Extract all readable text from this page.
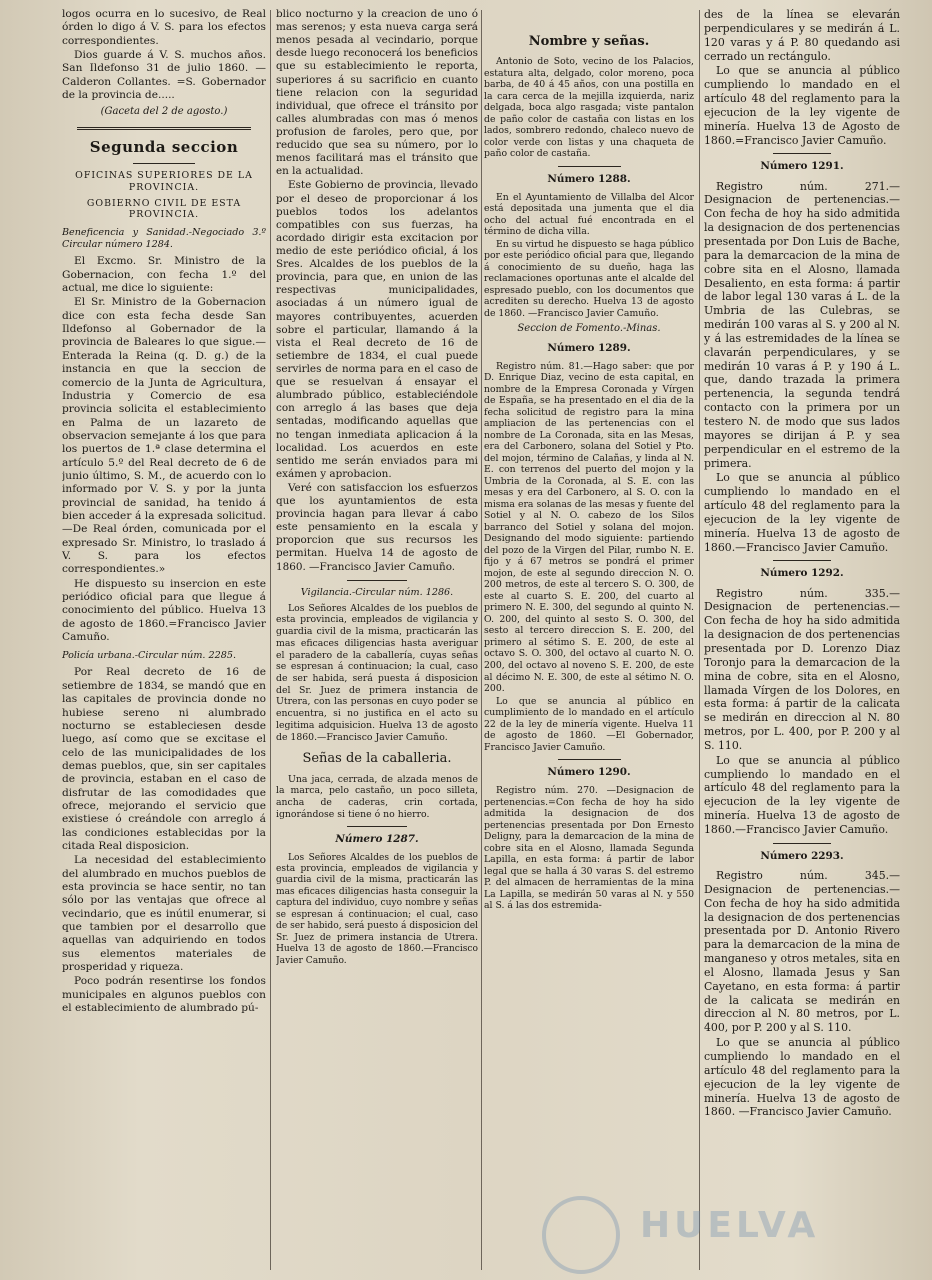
logos ocurra en lo sucesivo, de Real órden lo digo á V. S. para los efectos correspondientes.

Dios guarde á V. S. muchos años. San Ildefonso 31 de julio 1860. —Calderon Collantes. =S. Gobernador de la provincia de.....

(Gaceta del 2 de agosto.)

Segunda seccion

OFICINAS SUPERIORES DE LA PROVINCIA.

GOBIERNO CIVIL DE ESTA PROVINCIA.

Beneficencia y Sanidad.-Negociado 3.º Circular número 1284.

El Excmo. Sr. Ministro de la Gobernacion, con fecha 1.º del actual, me dice lo siguiente:

El Sr. Ministro de la Gobernacion dice con esta fecha desde San Ildefonso al Gobernador de la provincia de Baleares lo que sigue.—Enterada la Reina (q. D. g.) de la instancia en que la seccion de comercio de la Junta de Agricultura, Industria y Comercio de esa provincia solicita el establecimiento en Palma de un lazareto de observacion semejante á los que para los puertos de 1.ª clase determina el artículo 5.º del Real decreto de 6 de junio último, S. M., de acuerdo con lo informado por V. S. y por la junta provincial de sanidad, ha tenido á bien acceder á la expresada solicitud.—De Real órden, comunicada por el expresado Sr. Ministro, lo traslado á V. S. para los efectos correspondientes.»

He dispuesto su insercion en este periódico oficial para que llegue á conocimiento del público. Huelva 13 de agosto de 1860.=Francisco Javier Camuño.

Policía urbana.-Circular núm. 2285.

Por Real decreto de 16 de setiembre de 1834, se mandó que en las capitales de provincia donde no hubiese sereno ni alumbrado nocturno se estableciesen desde luego, así como que se excitase el celo de las municipalidades de los demas pueblos, que, sin ser capitales de provincia, estaban en el caso de disfrutar de las comodidades que ofrece, mejorando el servicio que existiese ó creándole con arreglo á las condiciones establecidas por la citada Real disposicion.

La necesidad del establecimiento del alumbrado en muchos pueblos de esta provincia se hace sentir, no tan sólo por las ventajas que ofrece al vecindario, que es inútil enumerar, si que tambien por el desarrollo que aquellas van adquiriendo en todos sus elementos materiales de prosperidad y riqueza.

Poco podrán resentirse los fondos municipales en algunos pueblos con el establecimiento de alumbrado pú-

blico nocturno y la creacion de uno ó mas serenos; y esta nueva carga será menos pesada al vecindario, porque desde luego reconocerá los beneficios que su establecimiento le reporta, superiores á su sacrificio en cuanto tiene relacion con la seguridad individual, que ofrece el tránsito por calles alumbradas con mas ó menos profusion de faroles, pero que, por reducido que sea su número, por lo menos facilitará mas el tránsito que en la actualidad.

Este Gobierno de provincia, llevado por el deseo de proporcionar á los pueblos todos los adelantos compatibles con sus fuerzas, ha acordado dirigir esta excitacion por medio de este periódico oficial, á los Sres. Alcaldes de los pueblos de la provincia, para que, en union de las respectivas municipalidades, asociadas á un número igual de mayores contribuyentes, acuerden sobre el particular, llamando á la vista el Real decreto de 16 de setiembre de 1834, el cual puede servirles de norma para en el caso de que se resuelvan á ensayar el alumbrado público, estableciéndole con arreglo á las bases que deja sentadas, modificando aquellas que no tengan inmediata aplicacion á la localidad. Los acuerdos en este sentido me serán enviados para mi exámen y aprobacion.

Veré con satisfaccion los esfuerzos que los ayuntamientos de esta provincia hagan para llevar á cabo este pensamiento en la escala y proporcion que sus recursos les permitan. Huelva 14 de agosto de 1860. —Francisco Javier Camuño.

Vigilancia.-Circular núm. 1286.

Los Señores Alcaldes de los pueblos de esta provincia, empleados de vigilancia y guardia civil de la misma, practicarán las mas eficaces diligencias hasta averiguar el paradero de la caballería, cuyas señas se espresan á continuacion; la cual, caso de ser habida, será puesta á disposicion del Sr. Juez de primera instancia de Utrera, con las personas en cuyo poder se encuentra, si no justifica en el acto su legitima adquisicion. Huelva 13 de agosto de 1860.—Francisco Javier Camuño.

Señas de la caballeria.

Una jaca, cerrada, de alzada menos de la marca, pelo castaño, un poco silleta, ancha de caderas, crin cortada, ignorándose si tiene ó no hierro.

Número 1287.

Los Señores Alcaldes de los pueblos de esta provincia, empleados de vigilancia y guardia civil de la misma, practicarán las mas eficaces diligencias hasta conseguir la captura del individuo, cuyo nombre y señas se espresan á continuacion; el cual, caso de ser habido, será puesto á disposicion del Sr. Juez de primera instancia de Utrera. Huelva 13 de agosto de 1860.—Francisco Javier Camuño.

Nombre y señas.

Antonio de Soto, vecino de los Palacios, estatura alta, delgado, color moreno, poca barba, de 40 á 45 años, con una postilla en la cara cerca de la mejilla izquierda, nariz delgada, boca algo rasgada; viste pantalon de paño color de castaña con listas en los lados, sombrero redondo, chaleco nuevo de color verde con listas y una chaqueta de paño color de castaña.

Número 1288.

En el Ayuntamiento de Villalba del Alcor está depositada una jumenta que el dia ocho del actual fué encontrada en el término de dicha villa.

En su virtud he dispuesto se haga público por este periódico oficial para que, llegando á conocimiento de su dueño, haga las reclamaciones oportunas ante el alcalde del espresado pueblo, con los documentos que acrediten su derecho. Huelva 13 de agosto de 1860. —Francisco Javier Camuño.

Seccion de Fomento.-Minas.

Número 1289.

Registro núm. 81.—Hago saber: que por D. Enrique Diaz, vecino de esta capital, en nombre de la Empresa Coronada y Vírgen de España, se ha presentado en el dia de la fecha solicitud de registro para la mina ampliacion de las pertenencias con el nombre de La Coronada, sita en las Mesas, era del Carbonero, solana del Sotiel y Pto. del mojon, término de Calañas, y linda al N. E. con terrenos del puerto del mojon y la Umbria de la Coronada, al S. E. con las mesas y era del Carbonero, al S. O. con la misma era solanas de las mesas y fuente del Sotiel y al N. O. cabezo de los Silos barranco del Sotiel y solana del mojon. Designando del modo siguiente: partiendo del pozo de la Virgen del Pilar, rumbo N. E. fijo y á 67 metros se pondrá el primer mojon, de este al segundo direccion N. O. 200 metros, de este al tercero S. O. 300, de este al cuarto S. E. 200, del cuarto al primero N. E. 300, del segundo al quinto N. O. 200, del quinto al sesto S. O. 300, del sesto al tercero direccion S. E. 200, del primero al sétimo S. E. 200, de este al octavo S. O. 300, del octavo al cuarto N. O. 200, del octavo al noveno S. E. 200, de este al décimo N. E. 300, de este al sétimo N. O. 200.

Lo que se anuncia al público en cumplimiento de lo mandado en el artículo 22 de la ley de minería vigente. Huelva 11 de agosto de 1860. —El Gobernador, Francisco Javier Camuño.

Número 1290.

Registro núm. 270. —Designacion de pertenencias.=Con fecha de hoy ha sido admitida la designacion de dos pertenencias presentada por Don Ernesto Deligny, para la demarcacion de la mina de cobre sita en el Alosno, llamada Segunda Lapilla, en esta forma: á partir de labor legal que se halla á 30 varas S. del estremo P. del almacen de herramientas de la mina La Lapilla, se medirán 50 varas al N. y 550 al S. á las dos estremida-

des de la línea se elevarán perpendiculares y se medirán á L. 120 varas y á P. 80 quedando asi cerrado un rectángulo.

Lo que se anuncia al público cumpliendo lo mandado en el artículo 48 del reglamento para la ejecucion de la ley vigente de minería. Huelva 13 de Agosto de 1860.=Francisco Javier Camuño.

Número 1291.

Registro núm. 271.—Designacion de pertenencias.—Con fecha de hoy ha sido admitida la designacion de dos pertenencias presentada por Don Luis de Bache, para la demarcacion de la mina de cobre sita en el Alosno, llamada Desaliento, en esta forma: á partir de labor legal 130 varas á L. de la Umbria de las Culebras, se medirán 100 varas al S. y 200 al N. y á las estremidades de la línea se clavarán perpendiculares, y se medirán 10 varas á P. y 190 á L. que, dando trazada la primera pertenencia, la segunda tendrá contacto con la primera por un testero N. de modo que sus lados mayores se dirijan á P. y sea perpendicular en el estremo de la primera.

Lo que se anuncia al público cumpliendo lo mandado en el artículo 48 del reglamento para la ejecucion de la ley vigente de minería. Huelva 13 de agosto de 1860.—Francisco Javier Camuño.

Número 1292.

Registro núm. 335.—Designacion de pertenencias.—Con fecha de hoy ha sido admitida la designacion de dos pertenencias presentada por D. Lorenzo Diaz Toronjo para la demarcacion de la mina de cobre, sita en el Alosno, llamada Vírgen de los Dolores, en esta forma: á partir de la calicata se medirán en direccion al N. 80 metros, por L. 400, por P. 200 y al S. 110.

Lo que se anuncia al público cumpliendo lo mandado en el artículo 48 del reglamento para la ejecucion de la ley vigente de minería. Huelva 13 de agosto de 1860.—Francisco Javier Camuño.

Número 2293.

Registro núm. 345.—Designacion de pertenencias.—Con fecha de hoy ha sido admitida la designacion de dos pertenencias presentada por D. Antonio Rivero para la demarcacion de la mina de manganeso y otros metales, sita en el Alosno, llamada Jesus y San Cayetano, en esta forma: á partir de la calicata se medirán en direccion al N. 80 metros, por L. 400, por P. 200 y al S. 110.

Lo que se anuncia al público cumpliendo lo mandado en el artículo 48 del reglamento para la ejecucion de la ley vigente de minería. Huelva 13 de agosto de 1860. —Francisco Javier Camuño.

HUELVA
